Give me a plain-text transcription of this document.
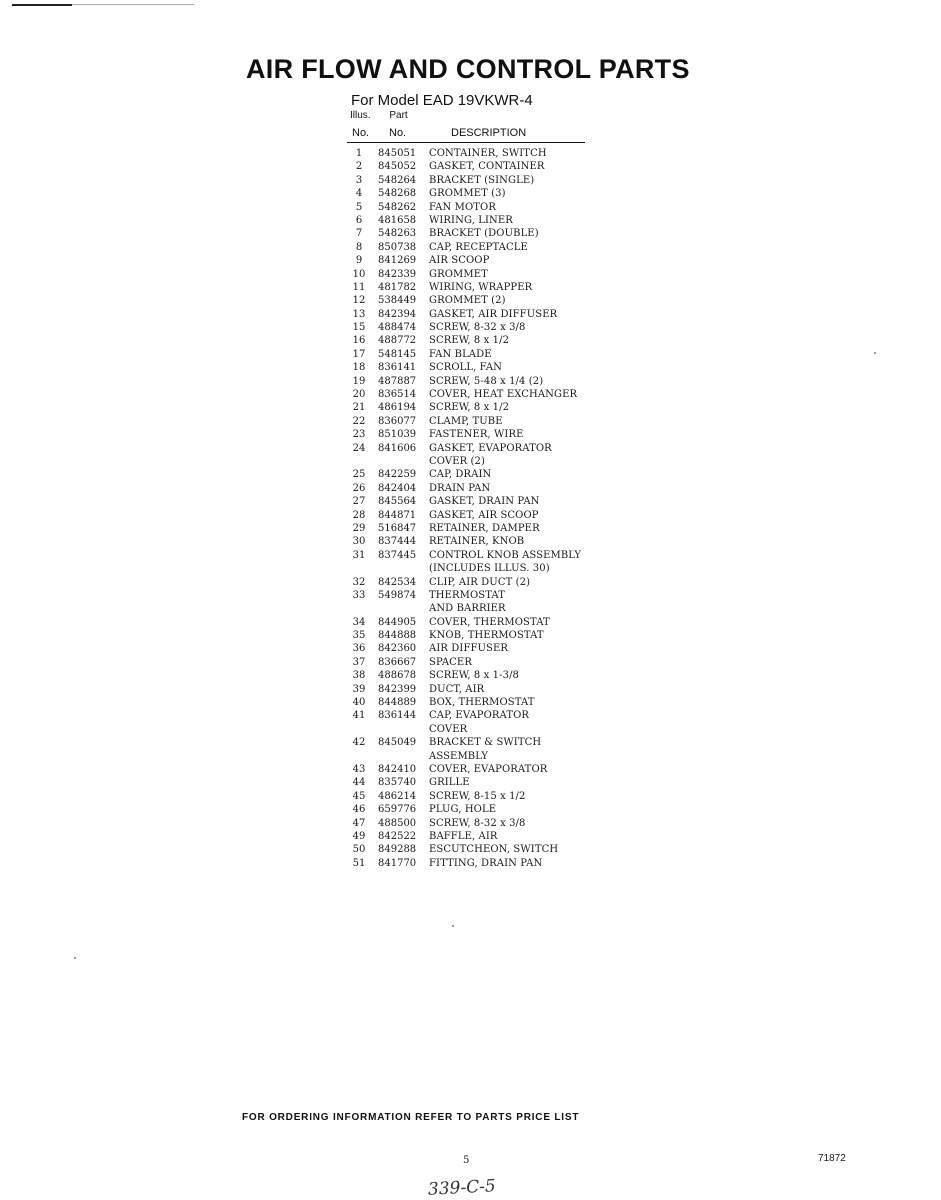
AIR FLOW AND CONTROL PARTS
For Model EAD 19VKWR-4
Illus. Part
No. No.	DESCRIPTION
1	845051 CONTAINER, SWITCH
2	845052 GASKET, CONTAINER
3	548264 BRACKET (SINGLE)
4	548268 GROMMET (3)
5	548262 FAN MOTOR
6	481658 WIRING, LINER
7	548263 BRACKET (DOUBLE)
8	850738 CAP, RECEPTACLE
9	841269 AIR SCOOP
10 842339 GROMMET
11 481782 WIRING, WRAPPER
12 538449 GROMMET (2)
13 842394 GASKET, AIR DIFFUSER
15 488474 SCREW, 8-32 x 3/8
16 488772 SCREW, 8 x 1/2
17 548145 FAN BLADE
18 836141 SCROLL, FAN
19 487887 SCREW, 5-48 x 1/4 (2)
20 836514 COVER, HEAT EXCHANGER
21 486194 SCREW, 8 x 1/2
22 836077 CLAMP, TUBE
23 851039 FASTENER, WIRE
24 841606 GASKET, EVAPORATOR
COVER (2)
25 842259 CAP, DRAIN
26 842404 DRAIN PAN
27 845564 GASKET, DRAIN PAN
28 844871 GASKET, AIR SCOOP
29 516847 RETAINER, DAMPER
30 837444 RETAINER, KNOB
31 837445 CONTROL KNOB ASSEMBLY
(INCLUDES ILLUS. 30)
32 842534 CLIP, AIR DUCT (2)
33 549874 THERMOSTAT
AND BARRIER
34 844905 COVER, THERMOSTAT
35 844888 KNOB, THERMOSTAT
36 842360 AIR DIFFUSER
37 836667 SPACER
38 488678 SCREW, 8 x 1-3/8
39 842399 DUCT, AIR
40 844889 BOX, THERMOSTAT
41 836144 CAP, EVAPORATOR
COVER
42 845049 BRACKET & SWITCH
ASSEMBLY
43 842410 COVER, EVAPORATOR
44 835740 GRILLE
45 486214 SCREW, 8-15 x 1/2
46 659776 PLUG, HOLE
47 488500 SCREW, 8-32 x 3/8
49 842522 BAFFLE, AIR
50 849288 ESCUTCHEON, SWITCH
51 841770 FITTING, DRAIN PAN
FOR ORDERING INFORMATION REFER TO PARTS PRICE LIST
5	71872
339-C-5
